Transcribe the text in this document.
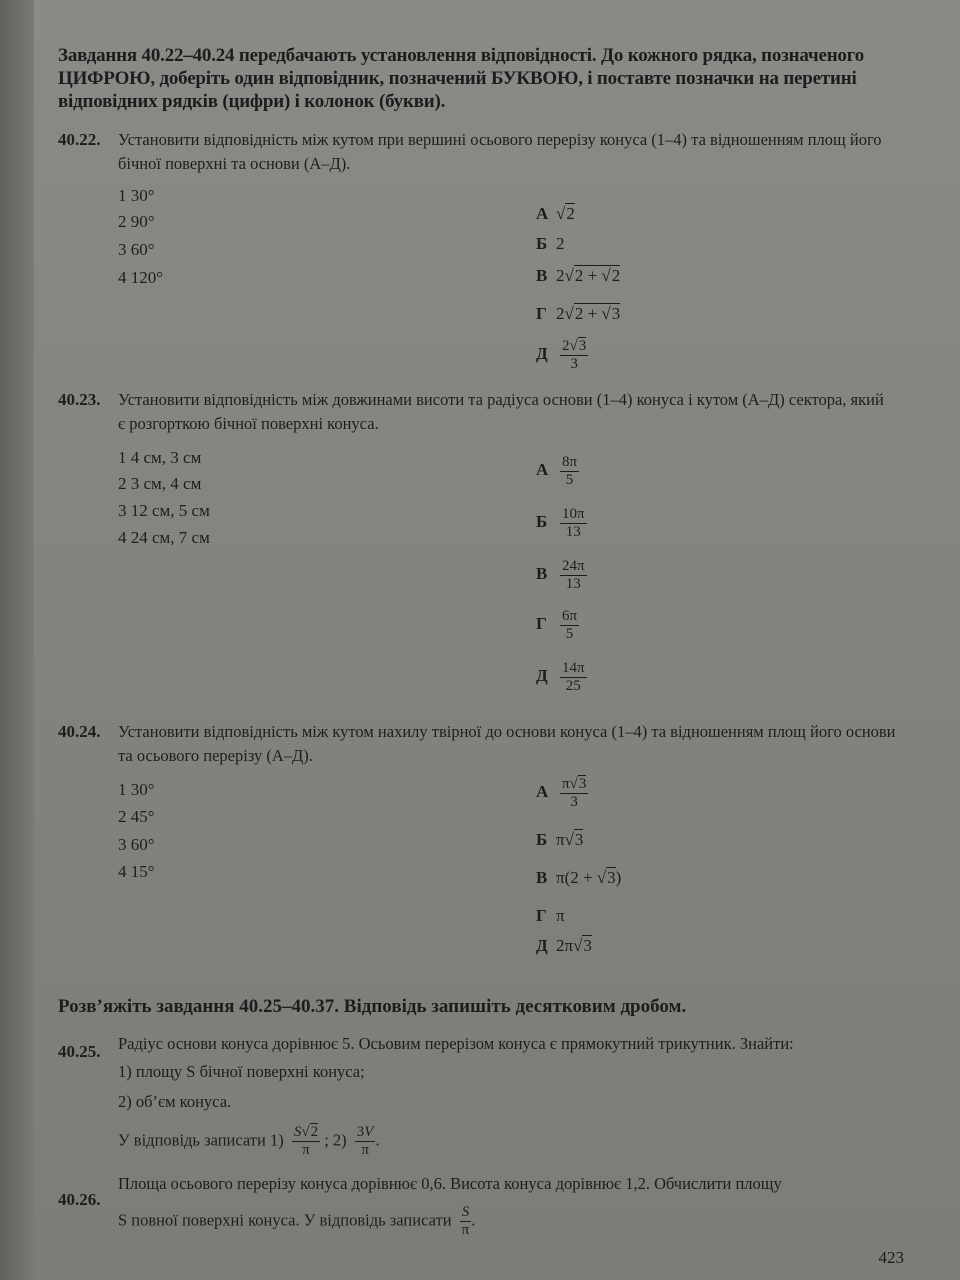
Завдання 40.22–40.24 передбачають установлення відповідності. До кожного рядка, позначеного ЦИФРОЮ, доберіть один відповідник, позначений БУКВОЮ, і поставте позначки на перетині відповідних рядків (цифри) і колонок (букви).
40.22. Установити відповідність між кутом при вершині осьового перерізу конуса (1–4) та відношенням площ його бічної поверхні та основи (А–Д).
1 30°
2 90°
3 60°
4 120°
А √2
Б 2
В 2√2 + √2
Г 2√2 + √3
Д $\frac{2√3}{3}$
40.23. Установити відповідність між довжинами висоти та радіуса основи (1–4) конуса і кутом (А–Д) сектора, який є розгорткою бічної поверхні конуса.
1 4 см, 3 см
2 3 см, 4 см
3 12 см, 5 см
4 24 см, 7 см
А $\frac{8\pi}{5}$
Б $\frac{10\pi}{13}$
В $\frac{24\pi}{13}$
Г $\frac{6\pi}{5}$
Д $\frac{14\pi}{25}$
40.24. Установити відповідність між кутом нахилу твірної до основи конуса (1–4) та відношенням площ його основи та осьового перерізу (А–Д).
1 30°
2 45°
3 60°
4 15°
А $\frac{\pi√3}{3}$
Б π√3
В π(2 + √3)
Г π
Д 2π√3
Розв’яжіть завдання 40.25–40.37. Відповідь запишіть десятковим дробом.
40.25. Радіус основи конуса дорівнює 5. Осьовим перерізом конуса є прямокутний трикутник. Знайти:
1) площу S бічної поверхні конуса;
2) об’єм конуса.
У відповідь записати $1) \frac{S√2}{\pi}$ ; $2) \frac{3V}{\pi}$ .
40.26.
Площа осьового перерізу конуса дорівнює 0,6. Висота конуса дорівнює 1,2. Обчислити площу
S повної поверхні конуса. У відповідь записати $\frac{S}{\pi}$ .
423
